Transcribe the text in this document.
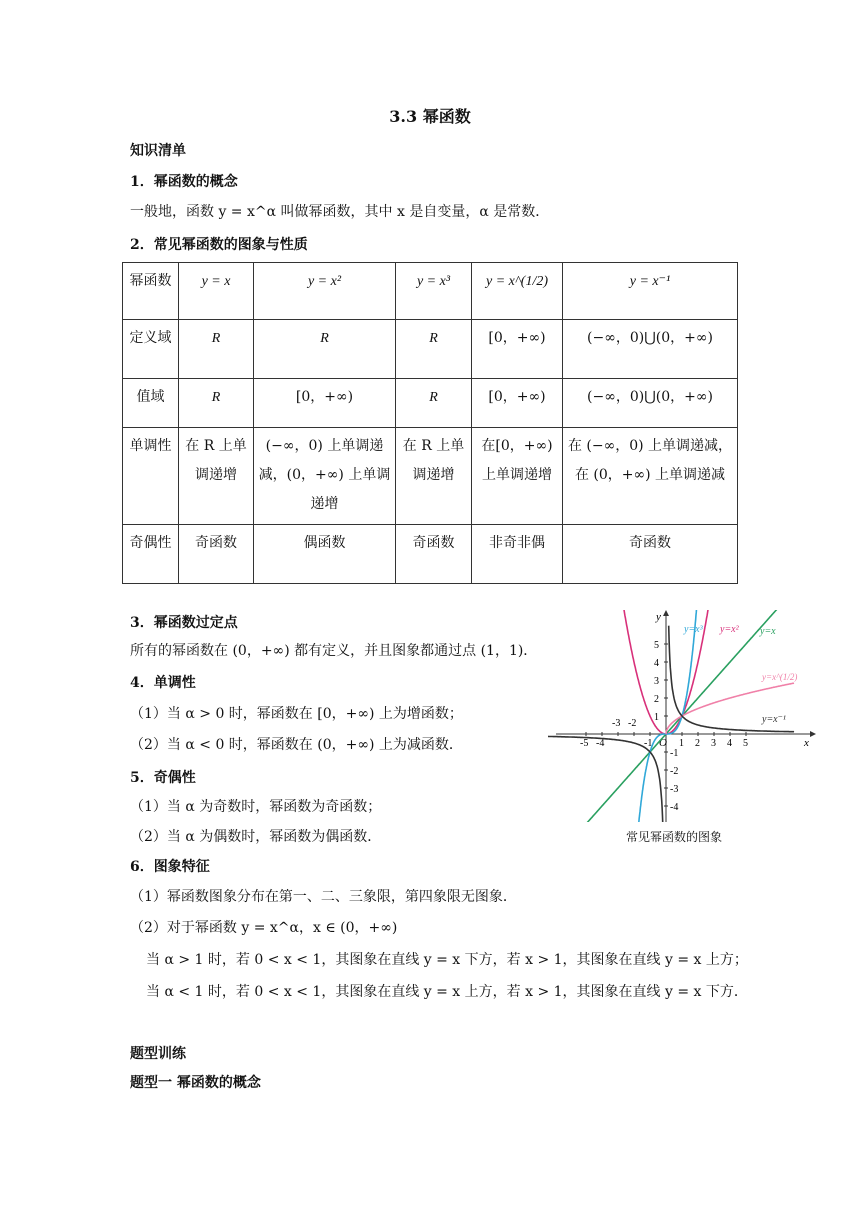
3.3 幂函数
知识清单
1．幂函数的概念
一般地，函数 y = x^α 叫做幂函数，其中 x 是自变量，α 是常数．
2．常见幂函数的图象与性质
幂函数	y = x	y = x²	y = x³	y = x^(1/2)	y = x⁻¹
定义域	R	R	R	[0，+∞)	(−∞，0)⋃(0，+∞)
值域	R	[0，+∞)	R	[0，+∞)	(−∞，0)⋃(0，+∞)
单调性	在 R 上单调递增	(−∞，0) 上单调递减，(0，+∞) 上单调递增	在 R 上单调递增	在[0，+∞) 上单调递增	在 (−∞，0) 上单调递减，在 (0，+∞) 上单调递减
奇偶性	奇函数	偶函数	奇函数	非奇非偶	奇函数
3．幂函数过定点
所有的幂函数在 (0，+∞) 都有定义，并且图象都通过点 (1，1)．
4．单调性
（1）当 α > 0 时，幂函数在 [0，+∞) 上为增函数；
（2）当 α < 0 时，幂函数在 (0，+∞) 上为减函数．
5．奇偶性
（1）当 α 为奇数时，幂函数为奇函数；
（2）当 α 为偶数时，幂函数为偶函数．
6．图象特征
（1）幂函数图象分布在第一、二、三象限，第四象限无图象．
（2）对于幂函数 y = x^α，x ∈ (0，+∞)
当 α > 1 时，若 0 < x < 1，其图象在直线 y = x 下方，若 x > 1，其图象在直线 y = x 上方；
当 α < 1 时，若 0 < x < 1，其图象在直线 y = x 上方，若 x > 1，其图象在直线 y = x 下方．
题型训练
题型一 幂函数的概念
x
y
O
-5 -4
-3 -2
-1	1 2 3 4 5
5
4
3
2
1
-1
-2
-3
-4
y=x³ y=x² y=x
y=x^(1/2)
y=x⁻¹
常见幂函数的图象
